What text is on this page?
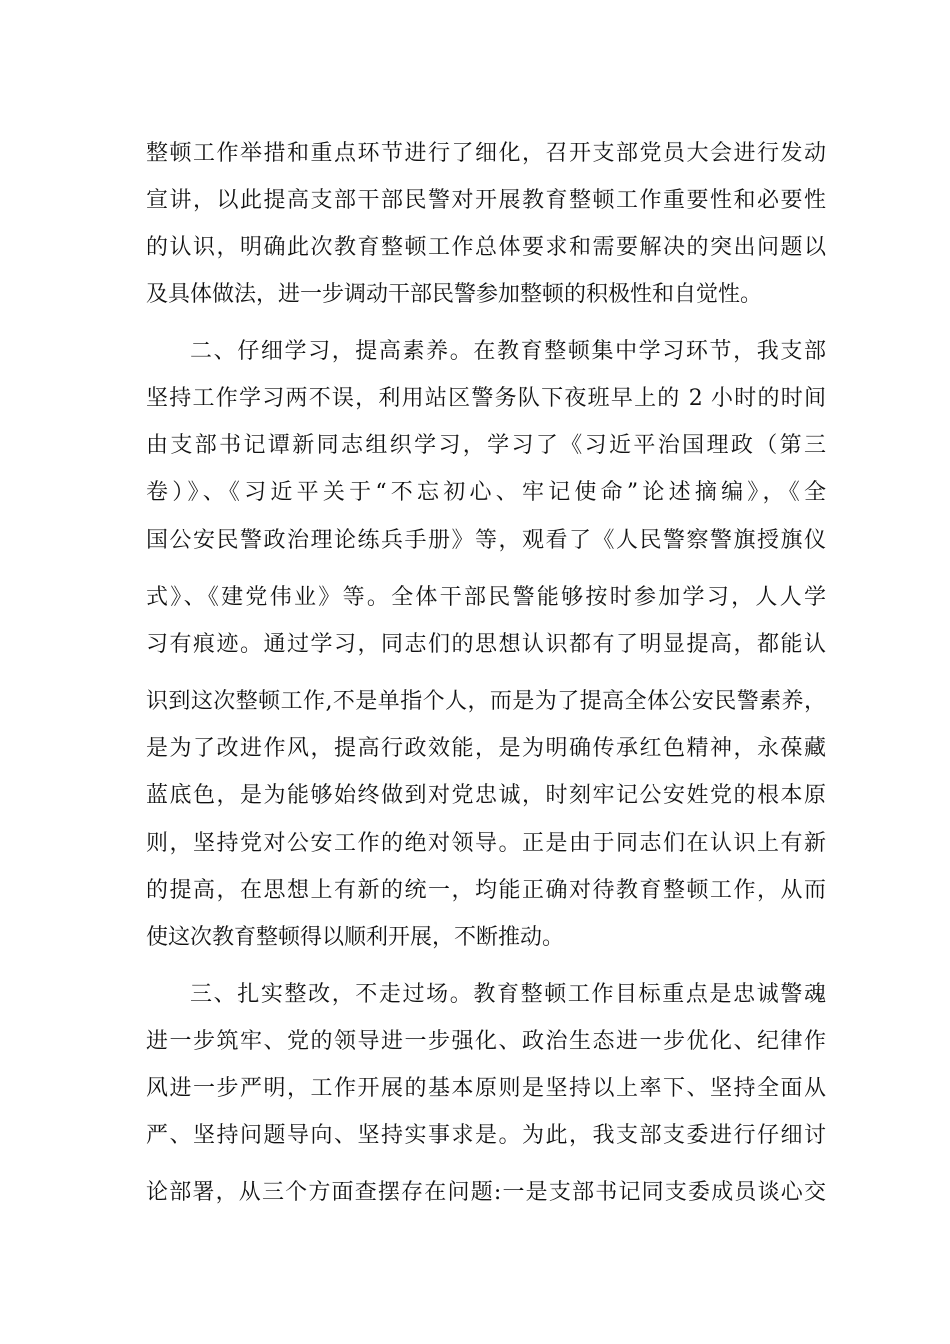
整顿工作举措和重点环节进行了细化，召开支部党员大会进行发动
宣讲，以此提高支部干部民警对开展教育整顿工作重要性和必要性
的认识，明确此次教育整顿工作总体要求和需要解决的突出问题以
及具体做法，进一步调动干部民警参加整顿的积极性和自觉性。
二、仔细学习，提高素养。在教育整顿集中学习环节，我支部
坚持工作学习两不误，利用站区警务队下夜班早上的 2 小时的时间
由支部书记谭新同志组织学习，学习了《习近平治国理政（第三
卷）》、《习近平关于“不忘初心、牢记使命”论述摘编》，《全
国公安民警政治理论练兵手册》等，观看了《人民警察警旗授旗仪
式》、《建党伟业》等。全体干部民警能够按时参加学习，人人学
习有痕迹。通过学习，同志们的思想认识都有了明显提高，都能认
识到这次整顿工作,不是单指个人，而是为了提高全体公安民警素养，
是为了改进作风，提高行政效能，是为明确传承红色精神，永葆藏
蓝底色，是为能够始终做到对党忠诚，时刻牢记公安姓党的根本原
则，坚持党对公安工作的绝对领导。正是由于同志们在认识上有新
的提高，在思想上有新的统一，均能正确对待教育整顿工作，从而
使这次教育整顿得以顺利开展，不断推动。
三、扎实整改，不走过场。教育整顿工作目标重点是忠诚警魂
进一步筑牢、党的领导进一步强化、政治生态进一步优化、纪律作
风进一步严明，工作开展的基本原则是坚持以上率下、坚持全面从
严、坚持问题导向、坚持实事求是。为此，我支部支委进行仔细讨
论部署，从三个方面查摆存在问题:一是支部书记同支委成员谈心交
